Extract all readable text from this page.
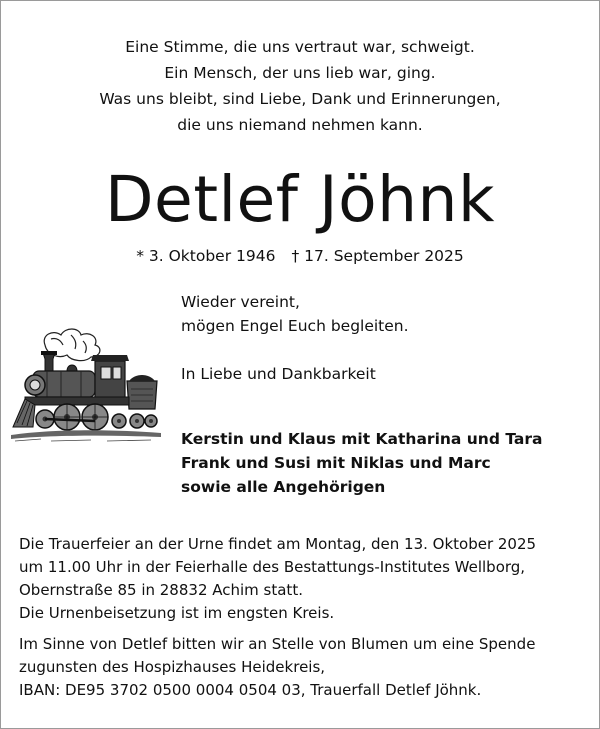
Eine Stimme, die uns vertraut war, schweigt.
Ein Mensch, der uns lieb war, ging.
Was uns bleibt, sind Liebe, Dank und Erinnerungen,
die uns niemand nehmen kann.
Detlef Jöhnk
* 3. Oktober 1946 † 17. September 2025
Wieder vereint,
mögen Engel Euch begleiten.
In Liebe und Dankbarkeit
Kerstin und Klaus mit Katharina und Tara
Frank und Susi mit Niklas und Marc
sowie alle Angehörigen
Die Trauerfeier an der Urne findet am Montag, den 13. Oktober 2025
um 11.00 Uhr in der Feierhalle des Bestattungs-Institutes Wellborg,
Obernstraße 85 in 28832 Achim statt.
Die Urnenbeisetzung ist im engsten Kreis.
Im Sinne von Detlef bitten wir an Stelle von Blumen um eine Spende
zugunsten des Hospizhauses Heidekreis,
IBAN: DE95 3702 0500 0004 0504 03, Trauerfall Detlef Jöhnk.
